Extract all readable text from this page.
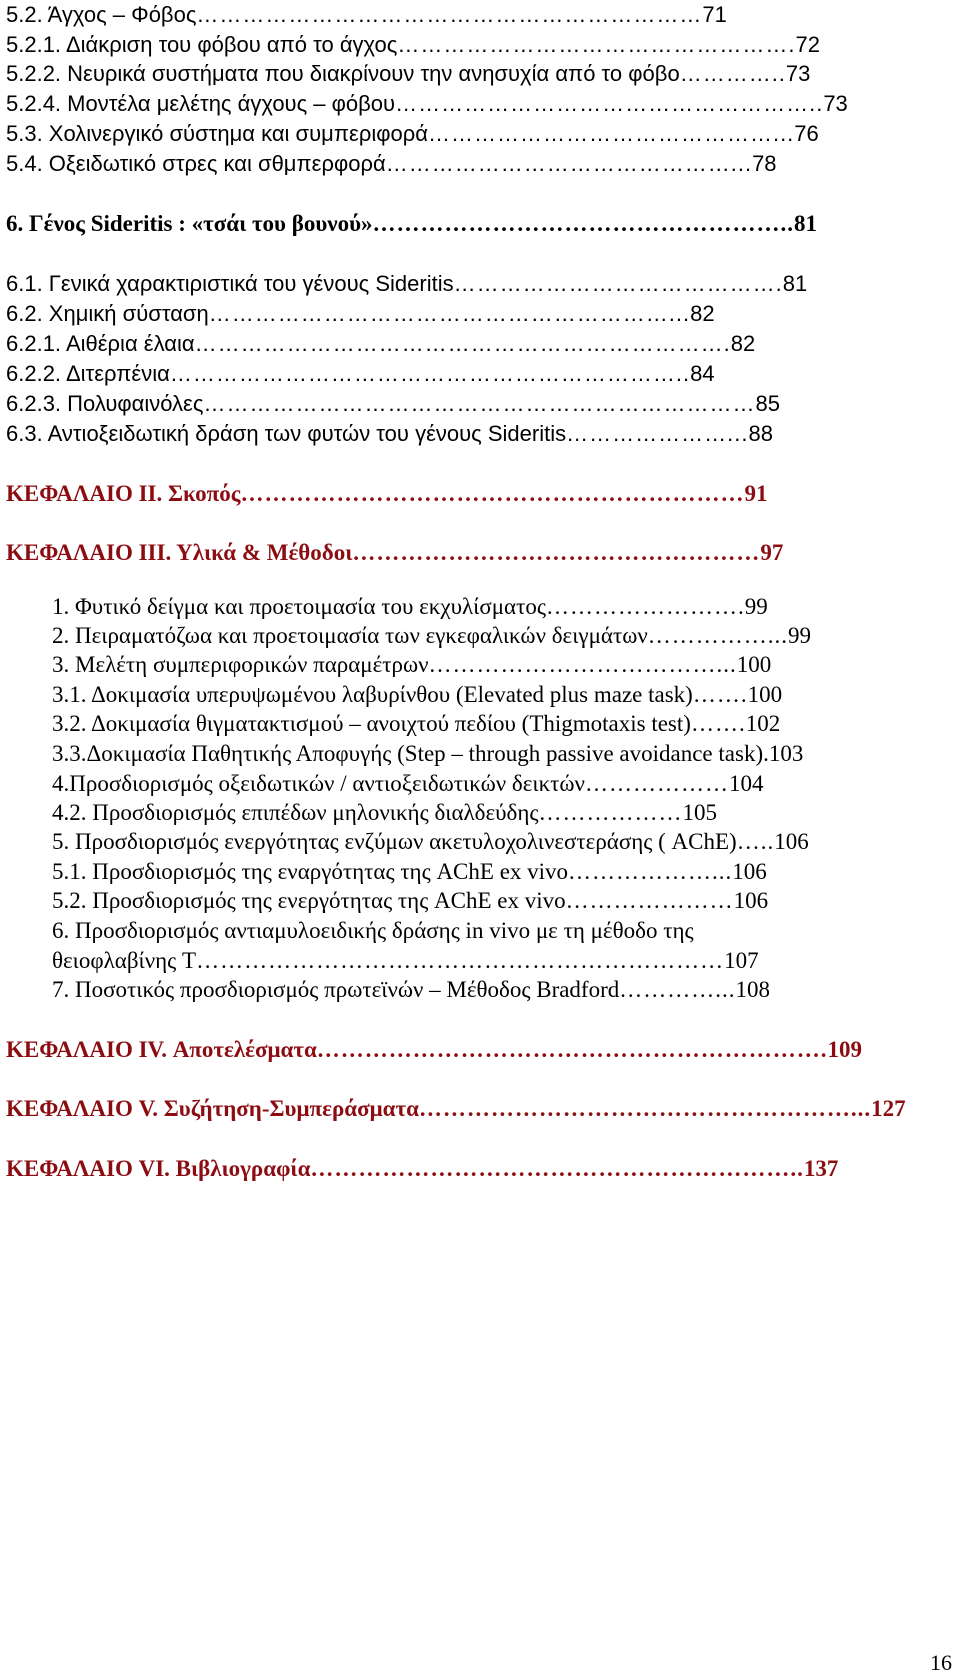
5.2. Άγχος – Φόβος…………………………………………………………71
5.2.1. Διάκριση του φόβου από το άγχος…………………………………………….72
5.2.2. Νευρικά συστήματα που διακρίνουν την ανησυχία από το φόβο…………..73
5.2.4. Μοντέλα μελέτης άγχους – φόβου………………………………………………..73
5.3. Χολινεργικό σύστημα και συμπεριφορά………………………………………...76
5.4. Οξειδωτικό στρες και σθμπερφορά………………………………………...78
6. Γένος Sideritis : «τσάι του βουνού»……………………………………………..81
6.1. Γενικά χαρακτιριστικά του γένους Sideritis…………………………………….81
6.2. Χημική σύσταση……………………………………………………...82
6.2.1. Αιθέρια έλαια…………………………………………………………….82
6.2.2. Διτερπένια…………………………………………………………..84
6.2.3. Πολυφαινόλες………………………………………………………………85
6.3. Αντιοξειδωτική δράση των φυτών του γένους Sideritis…………………...88
ΚΕΦΑΛΑΙΟ ΙΙ. Σκοπός………………………………………………………91
ΚΕΦΑΛΑΙΟ ΙΙΙ. Υλικά & Μέθοδοι……………………………………………97
1. Φυτικό δείγμα και προετοιμασία του εκχυλίσματος…………………….99
2. Πειραματόζωα και προετοιμασία των εγκεφαλικών δειγμάτων……………...99
3. Μελέτη συμπεριφορικών παραμέτρων………………………………...100
3.1. Δοκιμασία υπερυψωμένου λαβυρίνθου (Elevated plus maze task)…….100
3.2. Δοκιμασία θιγματακτισμού – ανοιχτού πεδίου (Thigmotaxis test)…….102
3.3.Δοκιμασία Παθητικής Αποφυγής (Step – through passive avoidance task).103
4.Προσδιορισμός οξειδωτικών / αντιοξειδωτικών δεικτών………………104
4.2. Προσδιορισμός επιπέδων μηλονικής διαλδεύδης………………105
5. Προσδιορισμός ενεργότητας ενζύμων ακετυλοχολινεστεράσης ( AChE)…..106
5.1. Προσδιορισμός της εναργότητας της AChE ex vivo………………...106
5.2. Προσδιορισμός της ενεργότητας της AChE ex vivo…………………106
6. Προσδιορισμός αντιαμυλοειδικής δράσης in vivo με τη μέθοδο της
θειοφλαβίνης T…………………………………………………………107
7. Ποσοτικός προσδιορισμός πρωτεϊνών – Μέθοδος Bradford…………...108
ΚΕΦΑΛΑΙΟ IV. Αποτελέσματα……………………………………………………….109
ΚΕΦΑΛΑΙΟ V. Συζήτηση-Συμπεράσματα………………………………………………...127
ΚΕΦΑΛΑΙΟ VI. Βιβλιογραφία……………………………………………………..137
16
